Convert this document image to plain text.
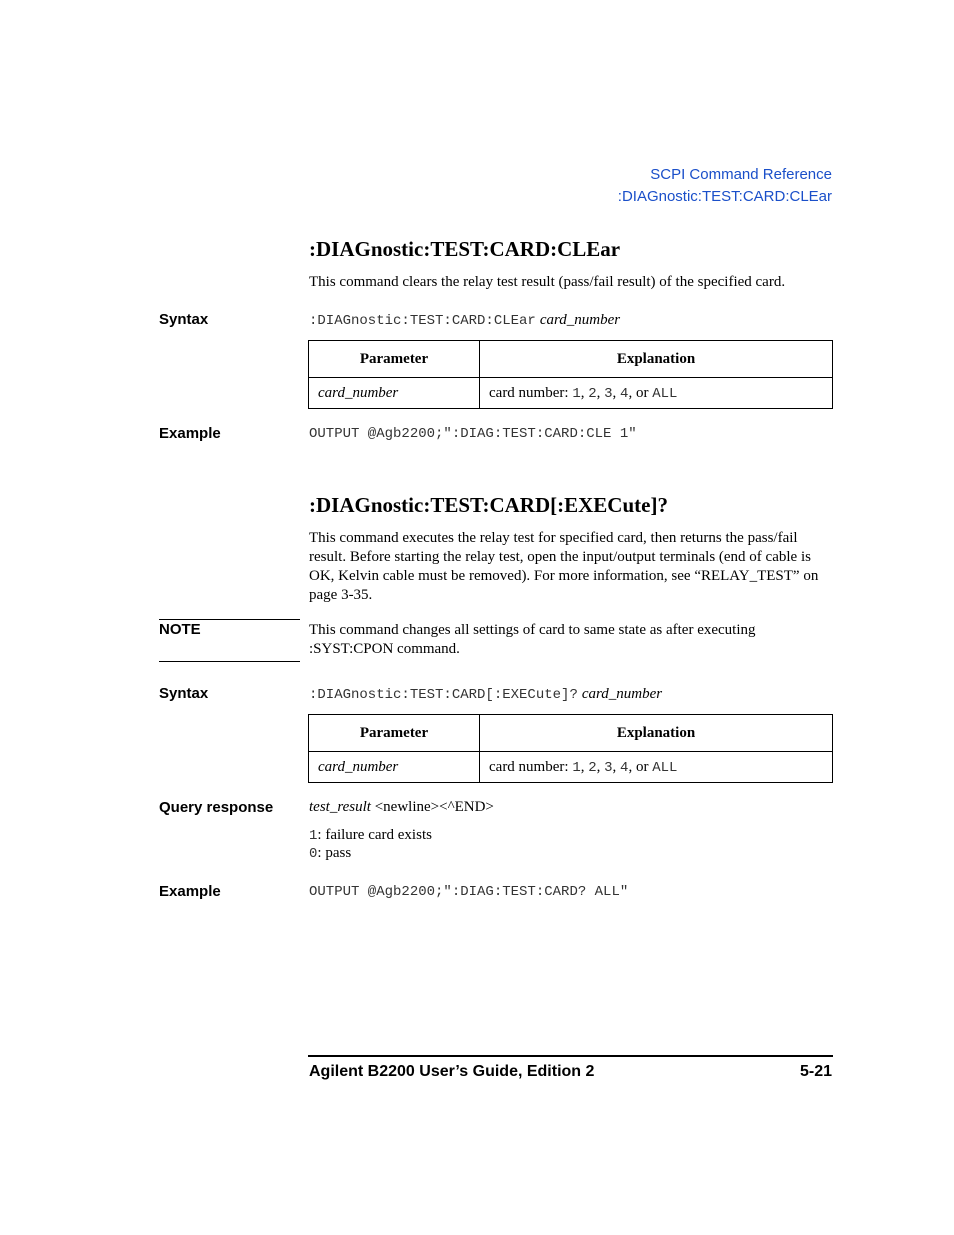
SCPI Command Reference
:DIAGnostic:TEST:CARD:CLEar
:DIAGnostic:TEST:CARD:CLEar
This command clears the relay test result (pass/fail result) of the specified card.
Syntax	:DIAGnostic:TEST:CARD:CLEar card_number
Parameter	Explanation
card_number	card number: 1, 2, 3, 4, or ALL
Example	OUTPUT @Agb2200;":DIAG:TEST:CARD:CLE 1"
:DIAGnostic:TEST:CARD[:EXECute]?
This command executes the relay test for specified card, then returns the pass/fail result. Before starting the relay test, open the input/output terminals (end of cable is OK, Kelvin cable must be removed). For more information, see “RELAY_TEST” on page 3-35.
NOTE	This command changes all settings of card to same state as after executing :SYST:CPON command.
Syntax	:DIAGnostic:TEST:CARD[:EXECute]? card_number
Parameter	Explanation
card_number	card number: 1, 2, 3, 4, or ALL
Query response test_result <newline><^END>
1: failure card exists
0: pass
Example	OUTPUT @Agb2200;":DIAG:TEST:CARD? ALL"
Agilent B2200 User’s Guide, Edition 2	5-21
